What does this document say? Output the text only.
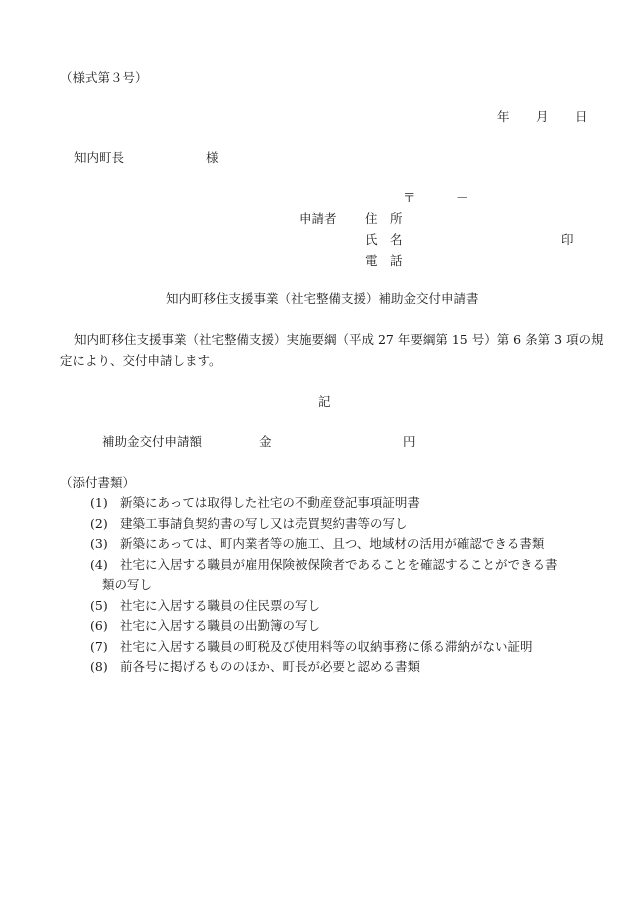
（様式第３号）
年 月 日
知内町長	様
〒	－
申請者 住　所
氏　名	印
電　話
知内町移住支援事業（社宅整備支援）補助金交付申請書
知内町移住支援事業（社宅整備支援）実施要綱（平成 27 年要綱第 15 号）第 6 条第 3 項の規
定により、交付申請します。
記
補助金交付申請額	金	円
（添付書類）
(1) 新築にあっては取得した社宅の不動産登記事項証明書
(2) 建築工事請負契約書の写し又は売買契約書等の写し
(3) 新築にあっては、町内業者等の施工、且つ、地域材の活用が確認できる書類
(4) 社宅に入居する職員が雇用保険被保険者であることを確認することができる書
類の写し
(5) 社宅に入居する職員の住民票の写し
(6) 社宅に入居する職員の出勤簿の写し
(7) 社宅に入居する職員の町税及び使用料等の収納事務に係る滞納がない証明
(8) 前各号に掲げるもののほか、町長が必要と認める書類
